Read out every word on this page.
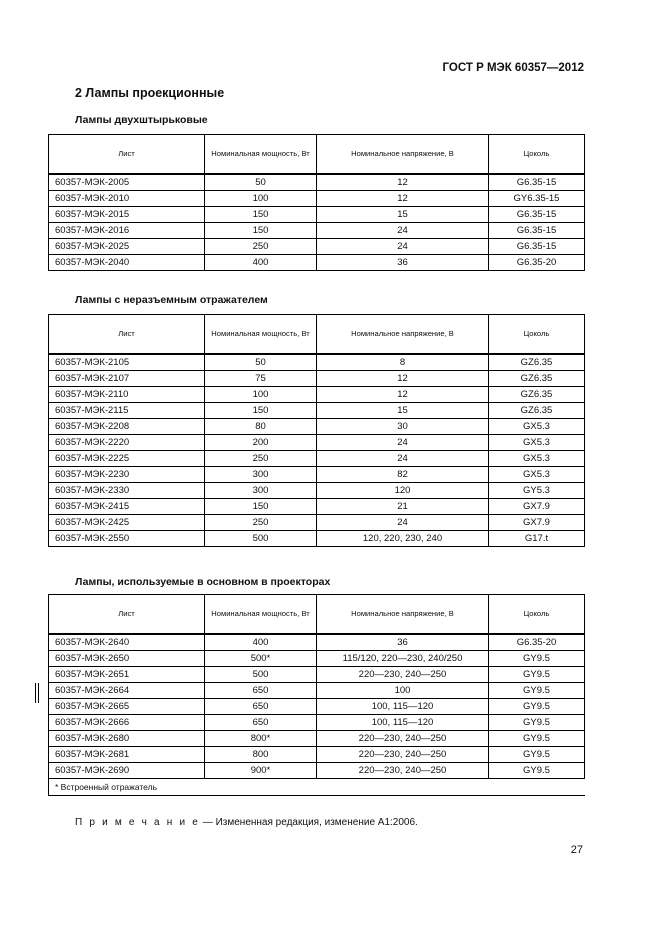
ГОСТ Р МЭК 60357—2012
2 Лампы проекционные
Лампы двухштырьковые
Лист	Номинальная мощность, Вт	Номинальное напряжение, В	Цоколь
60357-МЭК-2005	50	12	G6.35-15
60357-МЭК-2010	100	12	GY6.35-15
60357-МЭК-2015	150	15	G6.35-15
60357-МЭК-2016	150	24	G6.35-15
60357-МЭК-2025	250	24	G6.35-15
60357-МЭК-2040	400	36	G6.35-20
Лампы с неразъемным отражателем
Лист	Номинальная мощность, Вт	Номинальное напряжение, В	Цоколь
60357-МЭК-2105	50	8	GZ6.35
60357-МЭК-2107	75	12	GZ6.35
60357-МЭК-2110	100	12	GZ6.35
60357-МЭК-2115	150	15	GZ6.35
60357-МЭК-2208	80	30	GX5.3
60357-МЭК-2220	200	24	GX5.3
60357-МЭК-2225	250	24	GX5.3
60357-МЭК-2230	300	82	GX5.3
60357-МЭК-2330	300	120	GY5.3
60357-МЭК-2415	150	21	GX7.9
60357-МЭК-2425	250	24	GX7.9
60357-МЭК-2550	500	120, 220, 230, 240	G17.t
Лампы, используемые в основном в проекторах
Лист	Номинальная мощность, Вт	Номинальное напряжение, В	Цоколь
60357-МЭК-2640	400	36	G6.35-20
60357-МЭК-2650	500*	115/120, 220—230, 240/250	GY9.5
60357-МЭК-2651	500	220—230, 240—250	GY9.5
60357-МЭК-2664	650	100	GY9.5
60357-МЭК-2665	650	100, 115—120	GY9.5
60357-МЭК-2666	650	100, 115—120	GY9.5
60357-МЭК-2680	800*	220—230, 240—250	GY9.5
60357-МЭК-2681	800	220—230, 240—250	GY9.5
60357-МЭК-2690	900*	220—230, 240—250	GY9.5
* Встроенный отражатель			
П р и м е ч а н и е — Измененная редакция, изменение А1:2006.
27
